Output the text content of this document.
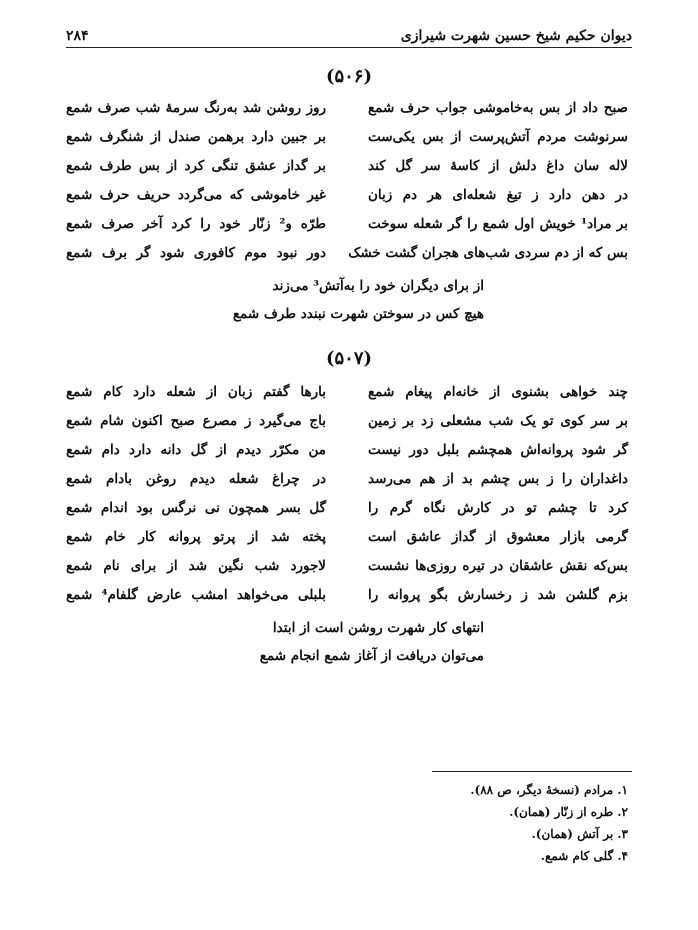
دیوان حکیم شیخ حسین شهرت شیرازی
۲۸۴
(۵۰۶)
صبح داد از بس به‌خاموشی جواب حرف شمع
روز روشن شد به‌رنگ سرمهٔ شب صرف شمع
سرنوشت مردم آتش‌پرست از بس یکی‌ست
بر جبین دارد برهمن صندل از شنگرف شمع
لاله سان داغ دلش از کاسهٔ سر گل کند
بر گداز عشق تنگی کرد از بس طرف شمع
در دهن دارد ز تیغ شعله‌ای هر دم زبان
غیر خاموشی که می‌گردد حریف حرف شمع
بر مراد¹ خویش اول شمع را گر شعله سوخت
طرّه و² زنّار خود را کرد آخر صرف شمع
بس که از دم سردی شب‌های هجران گشت خشک
دور نبود موم کافوری شود گر برف شمع
از برای دیگران خود را به‌آتش³ می‌زند
هیچ کس در سوختن شهرت نبندد طرف شمع
(۵۰۷)
چند خواهی بشنوی از خانه‌ام پیغام شمع
بارها گفتم زبان از شعله دارد کام شمع
بر سر کوی تو یک شب مشعلی زد بر زمین
باج می‌گیرد ز مصرع صبح اکنون شام شمع
گر شود پروانه‌اش همچشم بلبل دور نیست
من مکرّر دیدم از گل دانه دارد دام شمع
داغداران را ز بس چشم بد از هم می‌رسد
در چراغ شعله دیدم روغن بادام شمع
کرد تا چشم تو در کارش نگاه گرم را
گل بسر همچون نی نرگس بود اندام شمع
گرمی بازار معشوق از گداز عاشق است
پخته شد از پرتو پروانه کار خام شمع
بس‌که نقش عاشقان در تیره روزی‌ها نشست
لاجورد شب نگین شد از برای نام شمع
بزم گلشن شد ز رخسارش بگو پروانه را
بلبلی می‌خواهد امشب عارض گلفام⁴ شمع
انتهای کار شهرت روشن است از ابتدا
می‌توان دریافت از آغاز شمع انجام شمع
۱. مرادم (نسخهٔ دیگر، ص ۸۸).
۲. طره از زنّار (همان).
۳. بر آتش (همان).
۴. گلی کام شمع.
